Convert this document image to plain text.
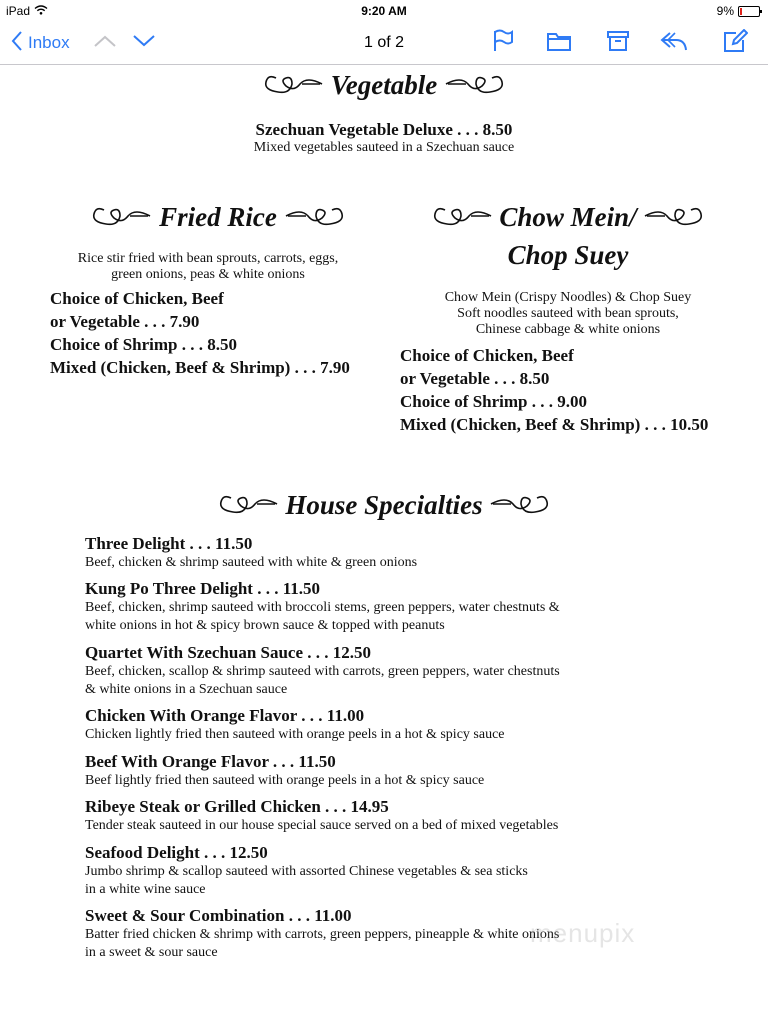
iPad	9:20 AM	9%
1 of 2
Inbox
Vegetable
Szechuan Vegetable Deluxe . . . 8.50
Mixed vegetables sauteed in a Szechuan sauce
Fried Rice
Rice stir fried with bean sprouts, carrots, eggs,
green onions, peas & white onions
Choice of Chicken, Beef
or Vegetable . . . 7.90
Choice of Shrimp . . . 8.50
Mixed (Chicken, Beef & Shrimp) . . . 7.90
Chow Mein/
Chop Suey
Chow Mein (Crispy Noodles) & Chop Suey
Soft noodles sauteed with bean sprouts,
Chinese cabbage & white onions
Choice of Chicken, Beef
or Vegetable . . . 8.50
Choice of Shrimp . . . 9.00
Mixed (Chicken, Beef & Shrimp) . . . 10.50
House Specialties
Three Delight . . . 11.50
Beef, chicken & shrimp sauteed with white & green onions
Kung Po Three Delight . . . 11.50
Beef, chicken, shrimp sauteed with broccoli stems, green peppers, water chestnuts &
white onions in hot & spicy brown sauce & topped with peanuts
Quartet With Szechuan Sauce . . . 12.50
Beef, chicken, scallop & shrimp sauteed with carrots, green peppers, water chestnuts
& white onions in a Szechuan sauce
Chicken With Orange Flavor . . . 11.00
Chicken lightly fried then sauteed with orange peels in a hot & spicy sauce
Beef With Orange Flavor . . . 11.50
Beef lightly fried then sauteed with orange peels in a hot & spicy sauce
Ribeye Steak or Grilled Chicken . . . 14.95
Tender steak sauteed in our house special sauce served on a bed of mixed vegetables
Seafood Delight . . . 12.50
Jumbo shrimp & scallop sauteed with assorted Chinese vegetables & sea sticks
in a white wine sauce
Sweet & Sour Combination . . . 11.00
Batter fried chicken & shrimp with carrots, green peppers, pineapple & white onions
in a sweet & sour sauce
menupix
